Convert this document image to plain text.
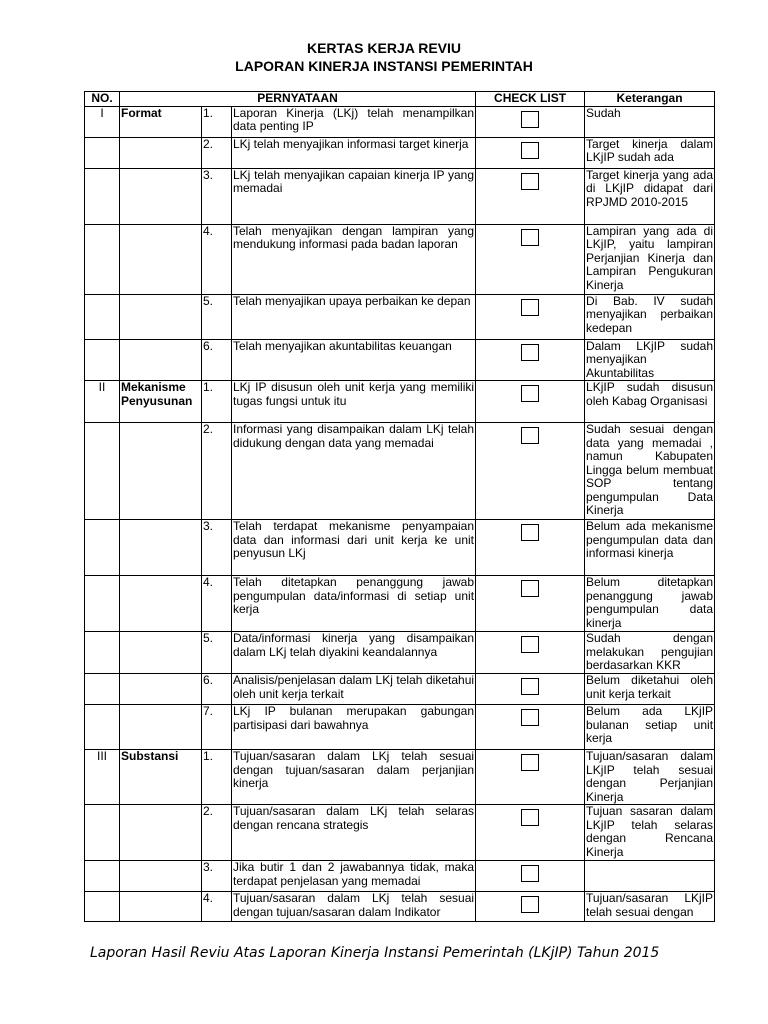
KERTAS KERJA REVIU
LAPORAN KINERJA INSTANSI PEMERINTAH
NO.	PERNYATAAN			CHECK LIST	Keterangan
I	Format	1.	Laporan Kinerja (LKj) telah menampilkan data penting IP		Sudah
		2.	LKj telah menyajikan informasi target kinerja		Target kinerja dalam LKjIP sudah ada
		3.	LKj telah menyajikan capaian kinerja IP yang memadai		Target kinerja yang ada di LKjIP didapat dari RPJMD 2010-2015
		4.	Telah menyajikan dengan lampiran yang mendukung informasi pada badan laporan		Lampiran yang ada di LKjIP, yaitu lampiran Perjanjian Kinerja dan Lampiran Pengukuran Kinerja
		5.	Telah menyajikan upaya perbaikan ke depan		Di Bab. IV sudah menyajikan perbaikan kedepan
		6.	Telah menyajikan akuntabilitas keuangan		Dalam LKjIP sudah menyajikan Akuntabilitas
II	Mekanisme Penyusunan	1.	LKj IP disusun oleh unit kerja yang memiliki tugas fungsi untuk itu		LKjIP sudah disusun oleh Kabag Organisasi
		2.	Informasi yang disampaikan dalam LKj telah didukung dengan data yang memadai		Sudah sesuai dengan data yang memadai , namun Kabupaten Lingga belum membuat SOP tentang pengumpulan Data Kinerja
		3.	Telah terdapat mekanisme penyampaian data dan informasi dari unit kerja ke unit penyusun LKj		Belum ada mekanisme pengumpulan data dan informasi kinerja
		4.	Telah ditetapkan penanggung jawab pengumpulan data/informasi di setiap unit kerja		Belum ditetapkan penanggung jawab pengumpulan data kinerja
		5.	Data/informasi kinerja yang disampaikan dalam LKj telah diyakini keandalannya		Sudah dengan melakukan pengujian berdasarkan KKR
		6.	Analisis/penjelasan dalam LKj telah diketahui oleh unit kerja terkait		Belum diketahui oleh unit kerja terkait
		7.	LKj IP bulanan merupakan gabungan partisipasi dari bawahnya		Belum ada LKjIP bulanan setiap unit kerja
III	Substansi	1.	Tujuan/sasaran dalam LKj telah sesuai dengan tujuan/sasaran dalam perjanjian kinerja		Tujuan/sasaran dalam LKjIP telah sesuai dengan Perjanjian Kinerja
		2.	Tujuan/sasaran dalam LKj telah selaras dengan rencana strategis		Tujuan sasaran dalam LKjIP telah selaras dengan Rencana Kinerja
		3.	Jika butir 1 dan 2 jawabannya tidak, maka terdapat penjelasan yang memadai		
		4.	Tujuan/sasaran dalam LKj telah sesuai dengan tujuan/sasaran dalam Indikator		Tujuan/sasaran LKjIP telah sesuai dengan
Laporan Hasil Reviu Atas Laporan Kinerja Instansi Pemerintah (LKjIP) Tahun 2015
